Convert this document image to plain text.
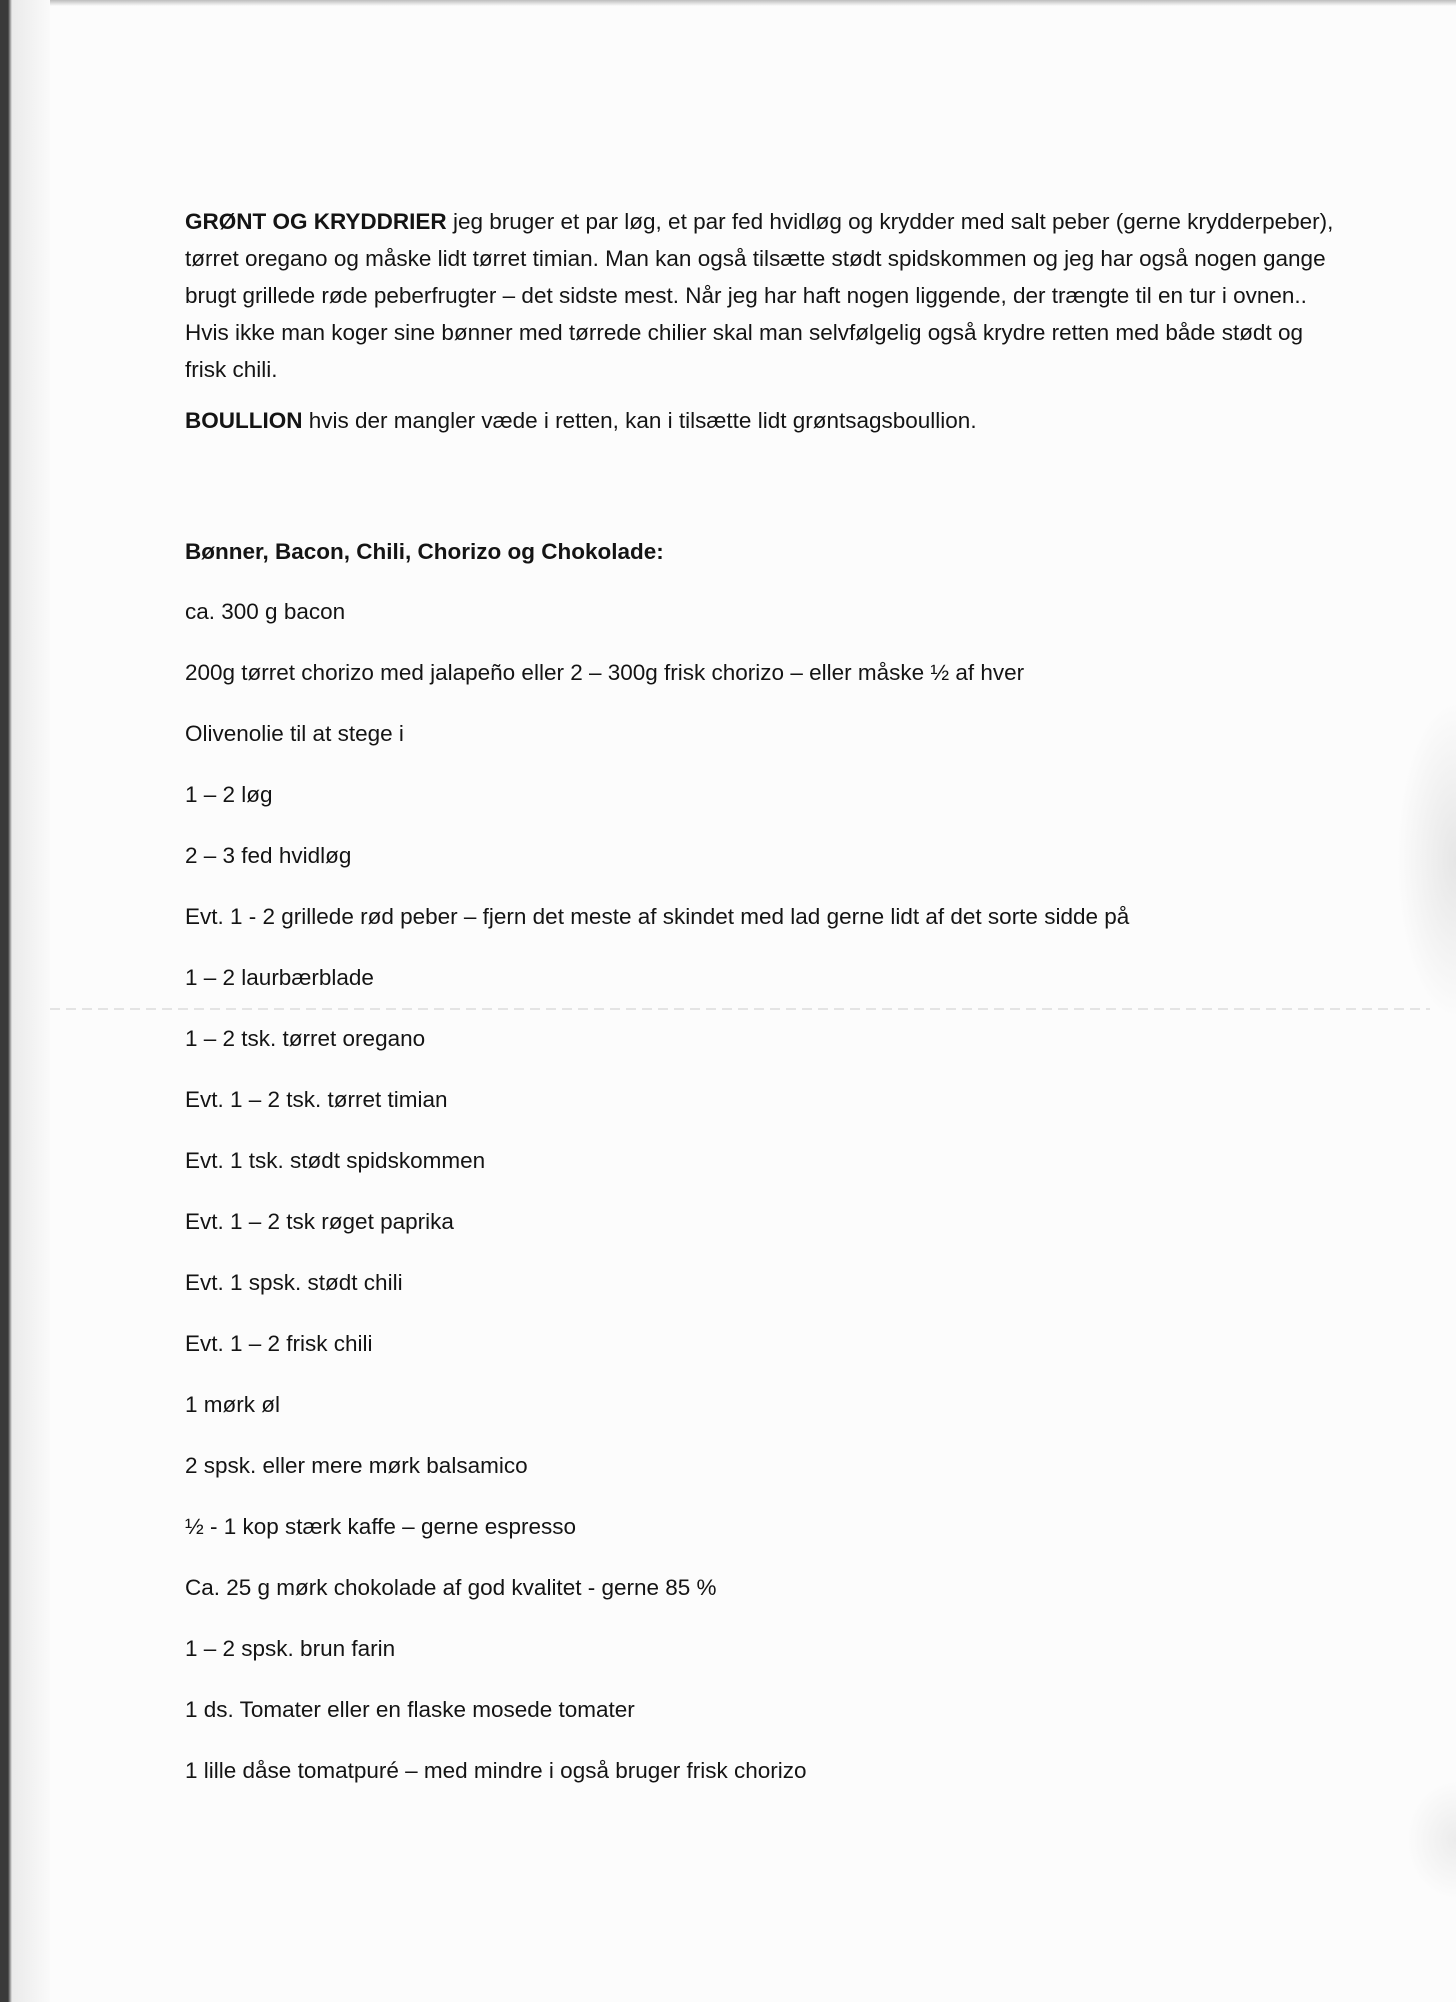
GRØNT OG KRYDDRIER jeg bruger et par løg, et par fed hvidløg og krydder med salt peber (gerne krydderpeber), tørret oregano og måske lidt tørret timian. Man kan også tilsætte stødt spidskommen og jeg har også nogen gange brugt grillede røde peberfrugter – det sidste mest. Når jeg har haft nogen liggende, der trængte til en tur i ovnen.. Hvis ikke man koger sine bønner med tørrede chilier skal man selvfølgelig også krydre retten med både stødt og frisk chili.

BOULLION hvis der mangler væde i retten, kan i tilsætte lidt grøntsagsboullion.

Bønner, Bacon, Chili, Chorizo og Chokolade:
ca. 300 g bacon
200g tørret chorizo med jalapeño eller 2 – 300g frisk chorizo – eller måske ½ af hver
Olivenolie til at stege i
1 – 2 løg
2 – 3 fed hvidløg
Evt. 1 - 2 grillede rød peber – fjern det meste af skindet med lad gerne lidt af det sorte sidde på
1 – 2 laurbærblade
1 – 2 tsk. tørret oregano
Evt. 1 – 2 tsk. tørret timian
Evt. 1 tsk. stødt spidskommen
Evt. 1 – 2 tsk røget paprika
Evt. 1 spsk. stødt chili
Evt. 1 – 2 frisk chili
1 mørk øl
2 spsk. eller mere mørk balsamico
½ - 1 kop stærk kaffe – gerne espresso
Ca. 25 g mørk chokolade af god kvalitet - gerne 85 %
1 – 2 spsk. brun farin
1 ds. Tomater eller en flaske mosede tomater
1 lille dåse tomatpuré – med mindre i også bruger frisk chorizo
